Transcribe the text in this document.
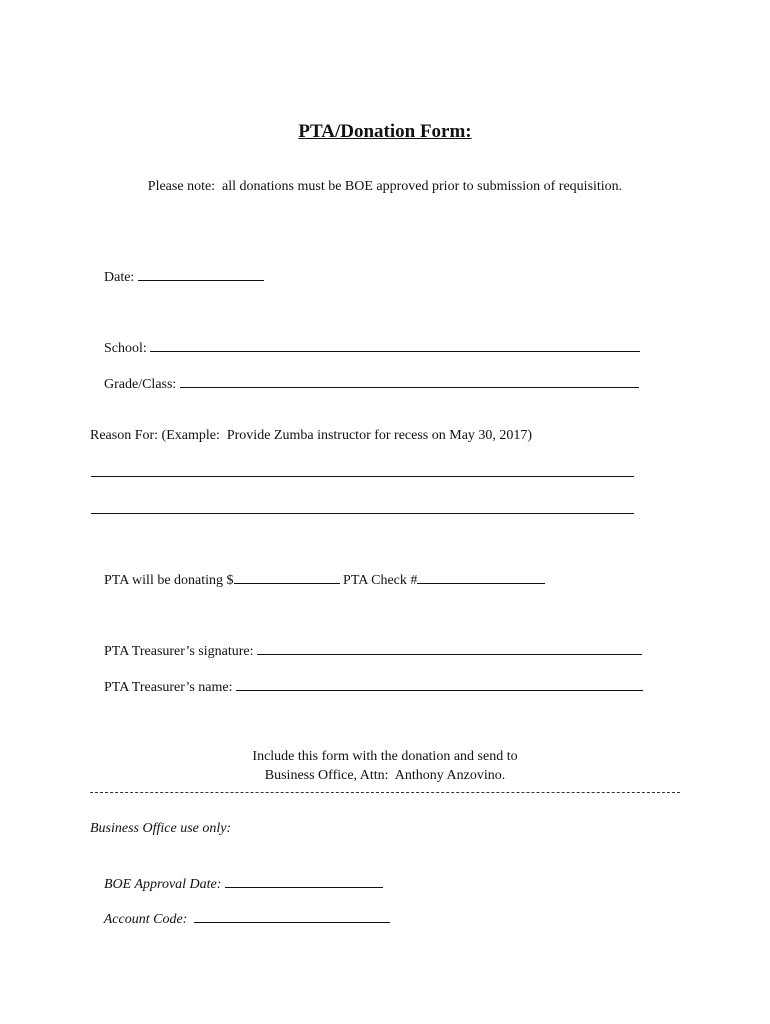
PTA/Donation Form:
Please note:  all donations must be BOE approved prior to submission of requisition.

Date:

School:

Grade/Class:

Reason For: (Example:  Provide Zumba instructor for recess on May 30, 2017)

PTA will be donating $	PTA Check #

PTA Treasurer’s signature:

PTA Treasurer’s name:

Include this form with the donation and send to
Business Office, Attn:  Anthony Anzovino.
Business Office use only:

BOE Approval Date:

Account Code:
